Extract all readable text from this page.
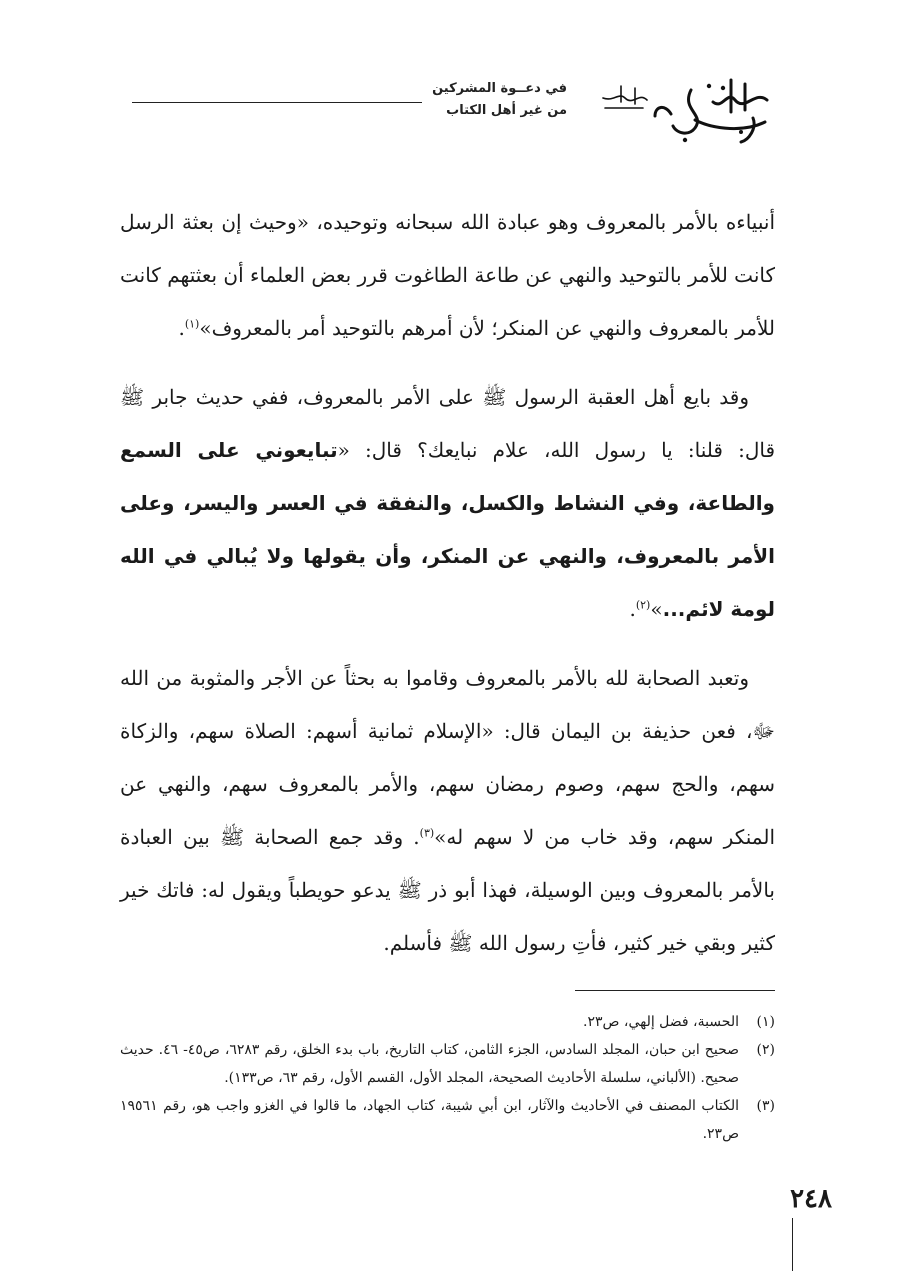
في دعــوة المشركين
من غير أهل الكتاب

أنبياءه بالأمر بالمعروف وهو عبادة الله سبحانه وتوحيده، «وحيث إن بعثة الرسل كانت للأمر بالتوحيد والنهي عن طاعة الطاغوت قرر بعض العلماء أن بعثتهم كانت للأمر بالمعروف والنهي عن المنكر؛ لأن أمرهم بالتوحيد أمر بالمعروف»$^{(١)}$.

وقد بايع أهل العقبة الرسول ﷺ على الأمر بالمعروف، ففي حديث جابر ﷺ قال: قلنا: يا رسول الله، علام نبايعك؟ قال: «تبايعوني على السمع والطاعة، وفي النشاط والكسل، والنفقة في العسر واليسر، وعلى الأمر بالمعروف، والنهي عن المنكر، وأن يقولها ولا يُبالي في الله لومة لائم...»$^{(٢)}$.

وتعبد الصحابة لله بالأمر بالمعروف وقاموا به بحثاً عن الأجر والمثوبة من الله ﷻ، فعن حذيفة بن اليمان قال: «الإسلام ثمانية أسهم: الصلاة سهم، والزكاة سهم، والحج سهم، وصوم رمضان سهم، والأمر بالمعروف سهم، والنهي عن المنكر سهم، وقد خاب من لا سهم له»$^{(٣)}$. وقد جمع الصحابة ﷺ بين العبادة بالأمر بالمعروف وبين الوسيلة، فهذا أبو ذر ﷺ يدعو حويطباً ويقول له: فاتك خير كثير وبقي خير كثير، فأتِ رسول الله ﷺ فأسلم.

(١)
الحسبة، فضل إلهي، ص٢٣.
(٢)
صحيح ابن حبان، المجلد السادس، الجزء الثامن، كتاب التاريخ، باب بدء الخلق، رقم ٦٢٨٣، ص٤٥- ٤٦. حديث صحيح. (الألباني، سلسلة الأحاديث الصحيحة، المجلد الأول، القسم الأول، رقم ٦٣، ص١٣٣).
(٣)
الكتاب المصنف في الأحاديث والآثار، ابن أبي شيبة، كتاب الجهاد، ما قالوا في الغزو واجب هو، رقم ١٩٥٦١ ص٢٣.
٢٤٨
